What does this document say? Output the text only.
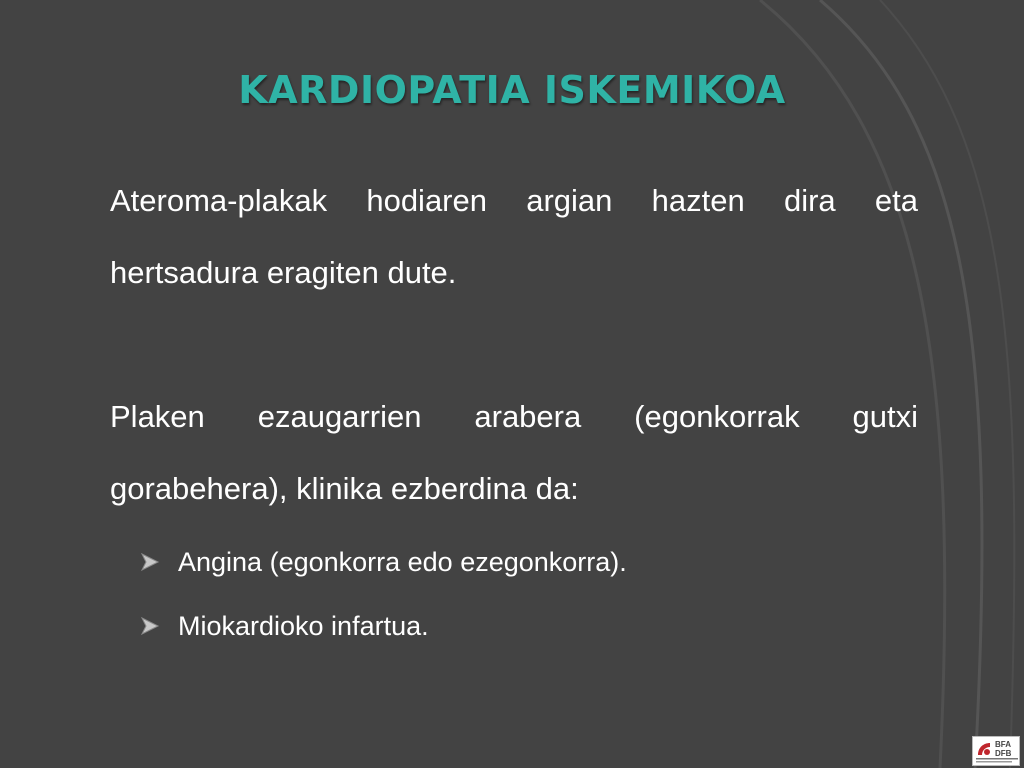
KARDIOPATIA ISKEMIKOA

Ateroma-plakak hodiaren argian hazten dira eta hertsadura eragiten dute.

Plaken ezaugarrien arabera (egonkorrak gutxi gorabehera), klinika ezberdina da:

Angina (egonkorra edo ezegonkorra).
Miokardioko infartua.
BFA
DFB
